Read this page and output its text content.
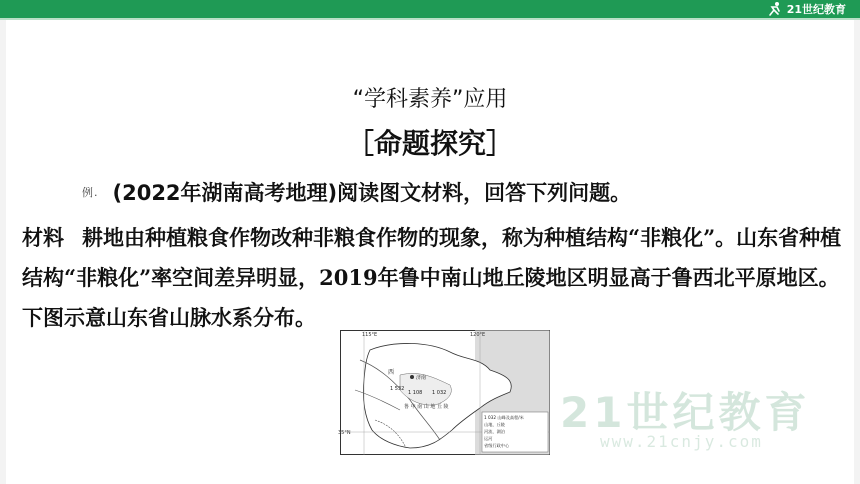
21世纪教育
“学科素养”应用
［命题探究］
例. (2022年湖南高考地理)阅读图文材料，回答下列问题。
材料 耕地由种植粮食作物改种非粮食作物的现象，称为种植结构“非粮化”。山东省种植结构“非粮化”率空间差异明显，2019年鲁中南山地丘陵地区明显高于鲁西北平原地区。下图示意山东省山脉水系分布。
115°E	120°E
35°N
济南
西
鲁 中 南 山 地 丘 陵
1 532
1 108 1 032
1 032 山峰及高程/米
山地、丘陵
河流、湖泊
运河
省级行政中心
21世纪教育
www.21cnjy.com
